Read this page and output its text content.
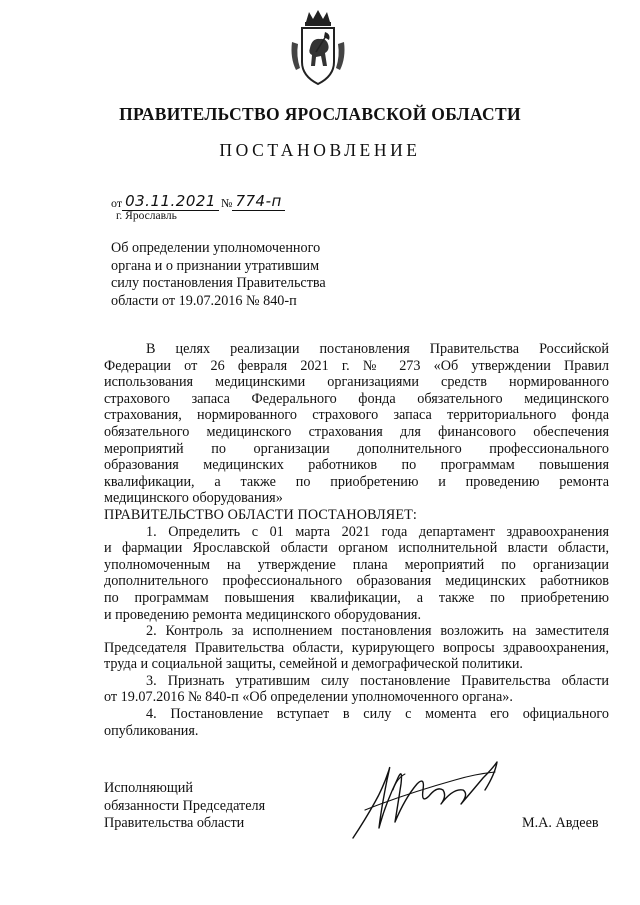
ПРАВИТЕЛЬСТВО ЯРОСЛАВСКОЙ ОБЛАСТИ
ПОСТАНОВЛЕНИЕ
от 03.11.2021 № 774-п
г. Ярославль
Об определении уполномоченного
органа и о признании утратившим
силу постановления Правительства
области от 19.07.2016 № 840-п
В целях реализации постановления Правительства Российской
Федерации от 26 февраля 2021 г. № 273 «Об утверждении Правил
использования медицинскими организациями средств нормированного
страхового запаса Федерального фонда обязательного медицинского
страхования, нормированного страхового запаса территориального фонда
обязательного медицинского страхования для финансового обеспечения
мероприятий по организации дополнительного профессионального
образования медицинских работников по программам повышения
квалификации, а также по приобретению и проведению ремонта
медицинского оборудования»
ПРАВИТЕЛЬСТВО ОБЛАСТИ ПОСТАНОВЛЯЕТ:
1. Определить с 01 марта 2021 года департамент здравоохранения
и фармации Ярославской области органом исполнительной власти области,
уполномоченным на утверждение плана мероприятий по организации
дополнительного профессионального образования медицинских работников
по программам повышения квалификации, а также по приобретению
и проведению ремонта медицинского оборудования.
2. Контроль за исполнением постановления возложить на заместителя
Председателя Правительства области, курирующего вопросы здравоохранения,
труда и социальной защиты, семейной и демографической политики.
3. Признать утратившим силу постановление Правительства области
от 19.07.2016 № 840-п «Об определении уполномоченного органа».
4. Постановление вступает в силу с момента его официального
опубликования.
Исполняющий
обязанности Председателя
Правительства области	М.А. Авдеев
